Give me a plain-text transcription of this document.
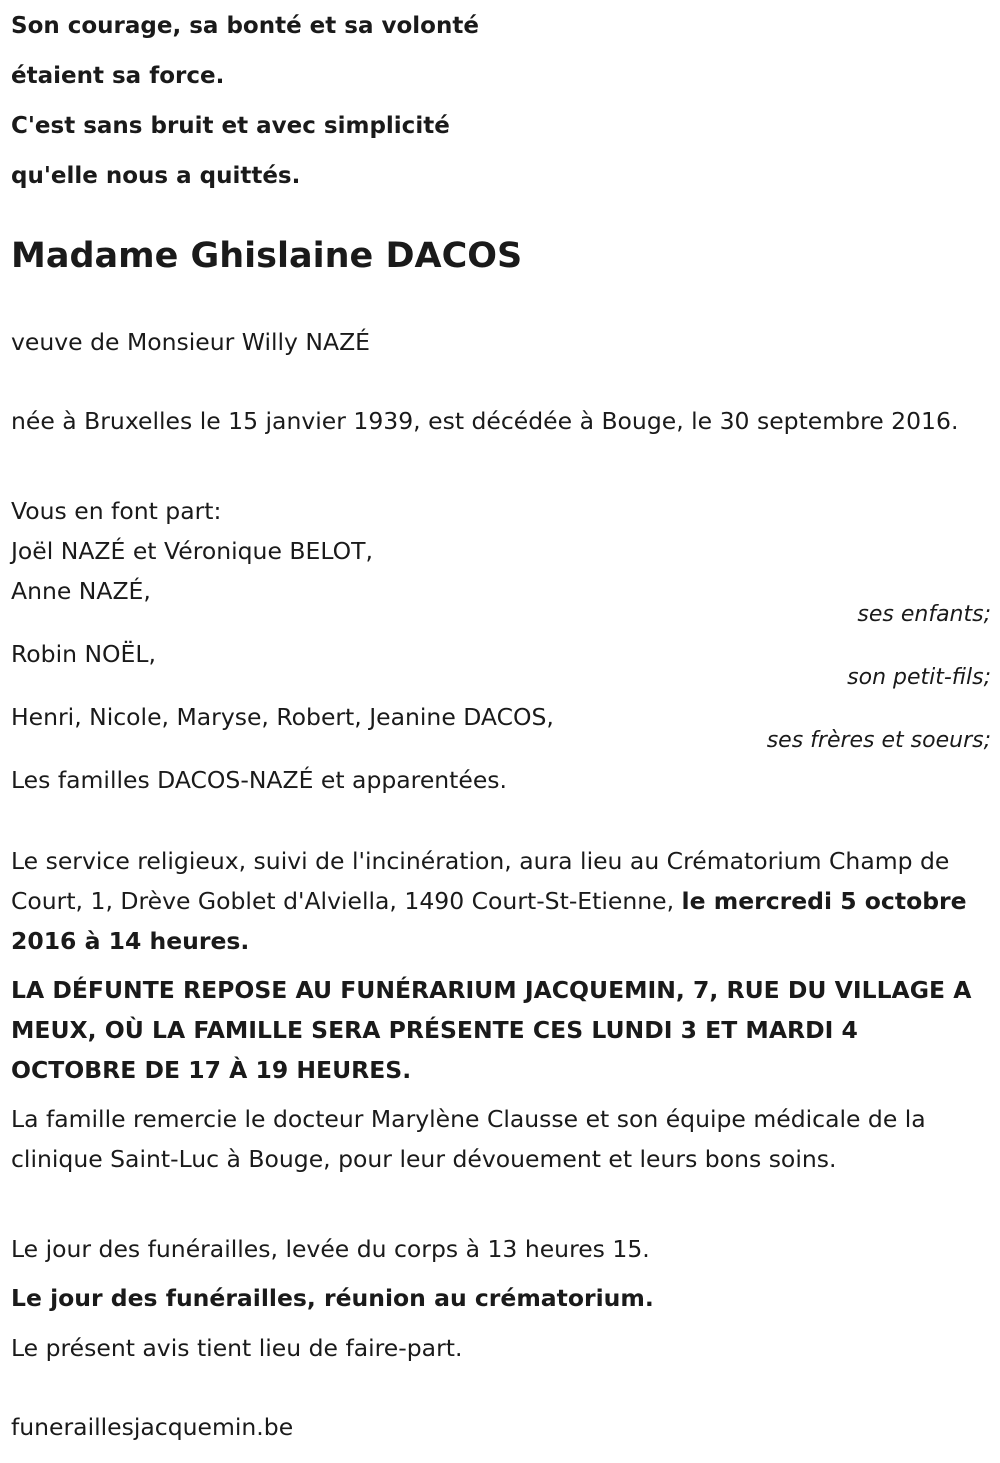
Son courage, sa bonté et sa volonté

étaient sa force.

C'est sans bruit et avec simplicité

qu'elle nous a quittés.

Madame Ghislaine DACOS

veuve de Monsieur Willy NAZÉ

née à Bruxelles le 15 janvier 1939, est décédée à Bouge, le 30 septembre 2016.

Vous en font part:

Joël NAZÉ et Véronique BELOT,

Anne NAZÉ,

ses enfants;

Robin NOËL,

son petit-fils;

Henri, Nicole, Maryse, Robert, Jeanine DACOS,

ses frères et soeurs;

Les familles DACOS-NAZÉ et apparentées.

Le service religieux, suivi de l'incinération, aura lieu au Crématorium Champ de Court, 1, Drève Goblet d'Alviella, 1490 Court-St-Etienne, le mercredi 5 octobre 2016 à 14 heures.

LA DÉFUNTE REPOSE AU FUNÉRARIUM JACQUEMIN, 7, RUE DU VILLAGE A MEUX, OÙ LA FAMILLE SERA PRÉSENTE CES LUNDI 3 ET MARDI 4 OCTOBRE DE 17 À 19 HEURES.

La famille remercie le docteur Marylène Clausse et son équipe médicale de la clinique Saint-Luc à Bouge, pour leur dévouement et leurs bons soins.

Le jour des funérailles, levée du corps à 13 heures 15.

Le jour des funérailles, réunion au crématorium.

Le présent avis tient lieu de faire-part.

funeraillesjacquemin.be
